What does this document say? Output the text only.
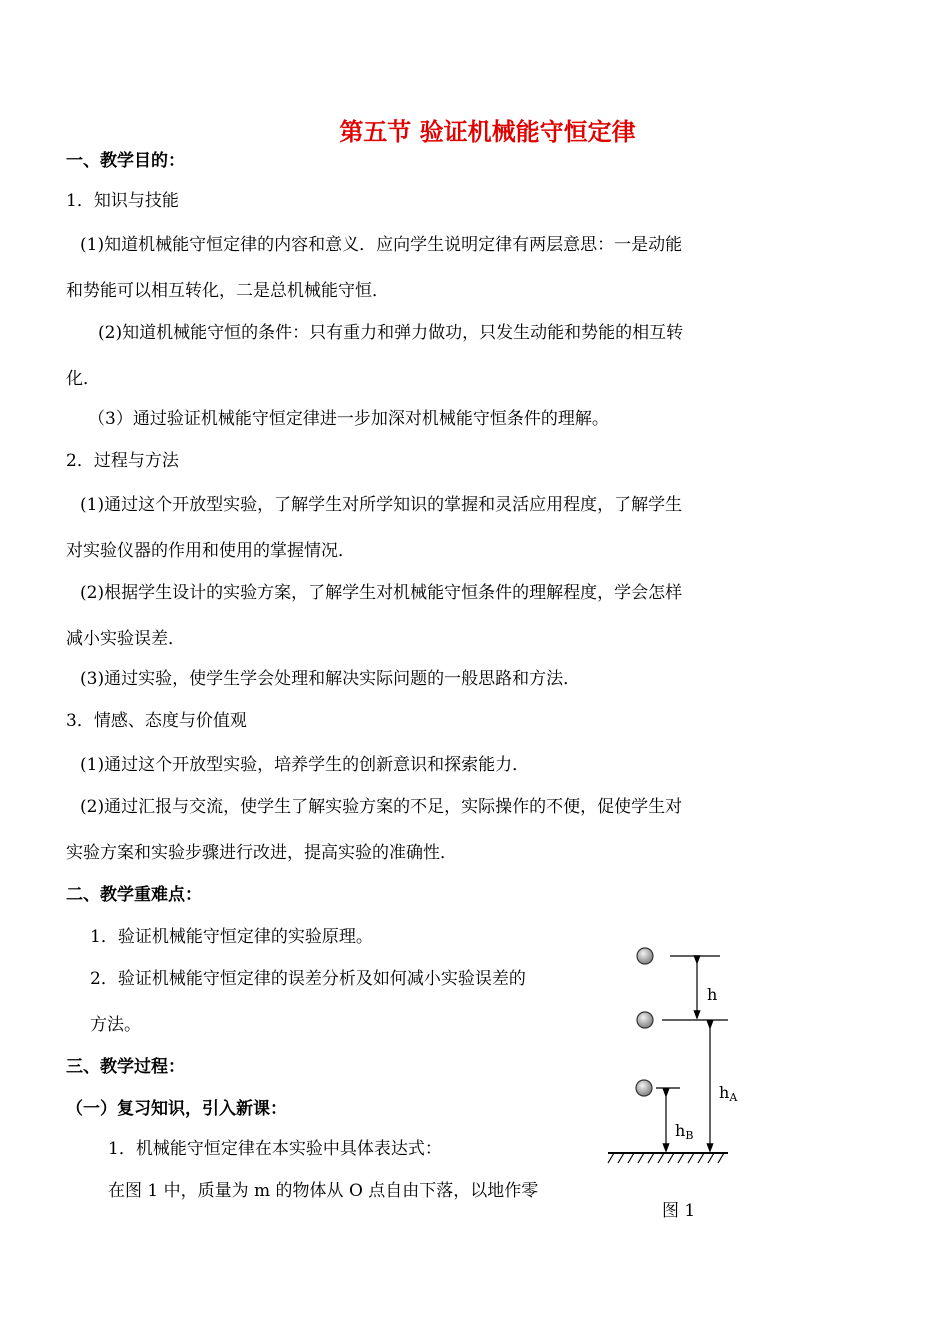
第五节 验证机械能守恒定律
一、教学目的：
1．知识与技能
(1)知道机械能守恒定律的内容和意义．应向学生说明定律有两层意思：一是动能
和势能可以相互转化，二是总机械能守恒．
(2)知道机械能守恒的条件：只有重力和弹力做功，只发生动能和势能的相互转
化．
（3）通过验证机械能守恒定律进一步加深对机械能守恒条件的理解。
2．过程与方法
(1)通过这个开放型实验，了解学生对所学知识的掌握和灵活应用程度，了解学生
对实验仪器的作用和使用的掌握情况．
(2)根据学生设计的实验方案，了解学生对机械能守恒条件的理解程度，学会怎样
减小实验误差．
(3)通过实验，使学生学会处理和解决实际问题的一般思路和方法．
3．情感、态度与价值观
(1)通过这个开放型实验，培养学生的创新意识和探索能力．
(2)通过汇报与交流，使学生了解实验方案的不足，实际操作的不便，促使学生对
实验方案和实验步骤进行改进，提高实验的准确性．
二、教学重难点：
1．验证机械能守恒定律的实验原理。
2．验证机械能守恒定律的误差分析及如何减小实验误差的
方法。
三、教学过程：
（一）复习知识，引入新课：
1．机械能守恒定律在本实验中具体表达式：
在图 1 中，质量为 m 的物体从 O 点自由下落，以地作零
h
hA
hB
图 1
